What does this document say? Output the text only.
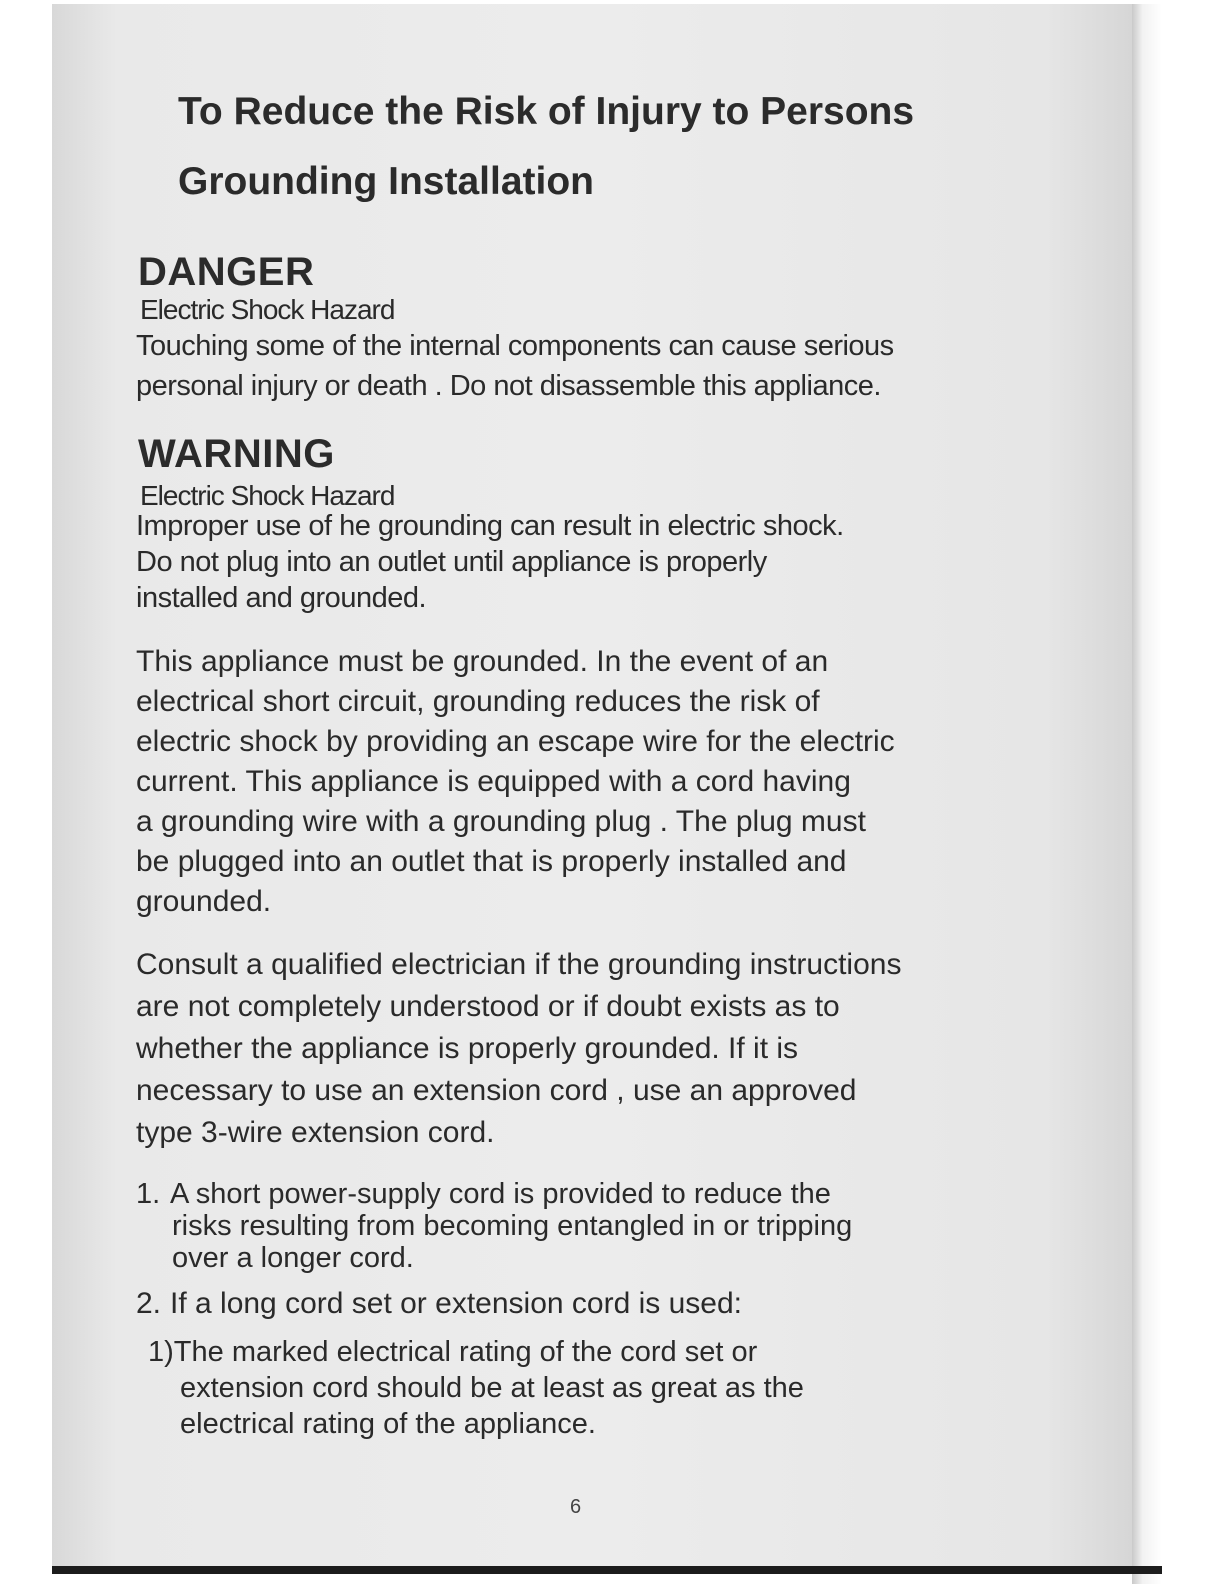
To Reduce the Risk of Injury to Persons
Grounding Installation
DANGER
Electric Shock Hazard
Touching some of the internal components can cause serious
personal injury or death . Do not disassemble this appliance.
WARNING
Electric Shock Hazard
Improper use of he grounding can result in electric shock.
Do not plug into an outlet until appliance is properly
installed and grounded.
This appliance must be grounded. In the event of an
electrical short circuit, grounding reduces the risk of
electric shock by providing an escape wire for the electric
current. This appliance is equipped with a cord having
a grounding wire with a grounding plug . The plug must
be plugged into an outlet that is properly installed and
grounded.
Consult a qualified electrician if the grounding instructions
are not completely understood or if doubt exists as to
whether the appliance is properly grounded. If it is
necessary to use an extension cord , use an approved
type 3-wire extension cord.
1. A short power-supply cord is provided to reduce the
risks resulting from becoming entangled in or tripping
over a longer cord.
2. If a long cord set or extension cord is used:
1)The marked electrical rating of the cord set or
extension cord should be at least as great as the
electrical rating of the appliance.
6
